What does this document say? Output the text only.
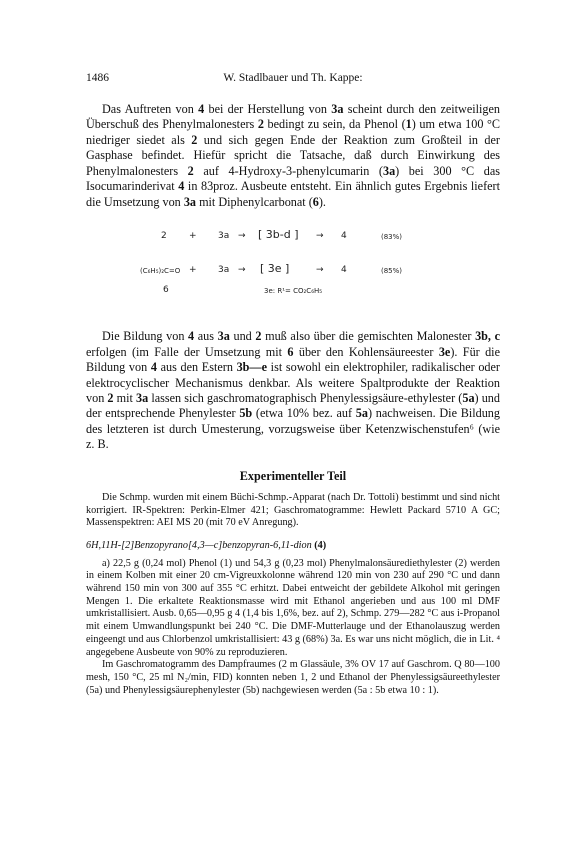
1486	W. Stadlbauer und Th. Kappe:

Das Auftreten von 4 bei der Herstellung von 3a scheint durch den zeitweiligen Überschuß des Phenylmalonesters 2 bedingt zu sein, da Phenol (1) um etwa 100 °C niedriger siedet als 2 und sich gegen Ende der Reaktion zum Großteil in der Gasphase befindet. Hiefür spricht die Tatsache, daß durch Einwirkung des Phenylmalonesters 2 auf 4-Hydroxy-3-phenylcumarin (3a) bei 300 °C das Isocumarinderivat 4 in 83proz. Ausbeute entsteht. Ein ähnlich gutes Ergebnis liefert die Umsetzung von 3a mit Diphenylcarbonat (6).

2 + 3a → [ 3b-d ] → 4	(83%)
(C₆H₅)₂C=O + 3a → [ 3e ]	→ 4	(85%)
6	3e: R¹= CO₂C₆H₅

Die Bildung von 4 aus 3a und 2 muß also über die gemischten Malonester 3b, c erfolgen (im Falle der Umsetzung mit 6 über den Kohlensäureester 3e). Für die Bildung von 4 aus den Estern 3b—e ist sowohl ein elektrophiler, radikalischer oder elektrocyclischer Mechanismus denkbar. Als weitere Spaltprodukte der Reaktion von 2 mit 3a lassen sich gaschromatographisch Phenylessigsäure-ethylester (5a) und der entsprechende Phenylester 5b (etwa 10% bez. auf 5a) nachweisen. Die Bildung des letzteren ist durch Umesterung, vorzugsweise über Ketenzwischenstufen⁶ (wie z. B.

Experimenteller Teil

Die Schmp. wurden mit einem Büchi-Schmp.-Apparat (nach Dr. Tottoli) bestimmt und sind nicht korrigiert. IR-Spektren: Perkin-Elmer 421; Gaschromatogramme: Hewlett Packard 5710 A GC; Massenspektren: AEI MS 20 (mit 70 eV Anregung).

6H,11H-[2]Benzopyrano[4,3—c]benzopyran-6,11-dion (4)

a) 22,5 g (0,24 mol) Phenol (1) und 54,3 g (0,23 mol) Phenylmalonsäurediethylester (2) werden in einem Kolben mit einer 20 cm-Vigreuxkolonne während 120 min von 230 auf 290 °C und dann während 150 min von 300 auf 355 °C erhitzt. Dabei entweicht der gebildete Alkohol mit geringen Mengen 1. Die erkaltete Reaktionsmasse wird mit Ethanol angerieben und aus 100 ml DMF umkristallisiert. Ausb. 0,65—0,95 g 4 (1,4 bis 1,6%, bez. auf 2), Schmp. 279—282 °C aus i-Propanol mit einem Umwandlungspunkt bei 240 °C. Die DMF-Mutterlauge und der Ethanolauszug werden eingeengt und aus Chlorbenzol umkristallisiert: 43 g (68%) 3a. Es war uns nicht möglich, die in Lit. ⁴ angegebene Ausbeute von 90% zu reproduzieren.

Im Gaschromatogramm des Dampfraumes (2 m Glassäule, 3% OV 17 auf Gaschrom. Q 80—100 mesh, 150 °C, 25 ml N₂/min, FID) konnten neben 1, 2 und Ethanol der Phenylessigsäureethylester (5a) und Phenylessigsäurephenylester (5b) nachgewiesen werden (5a : 5b etwa 10 : 1).
